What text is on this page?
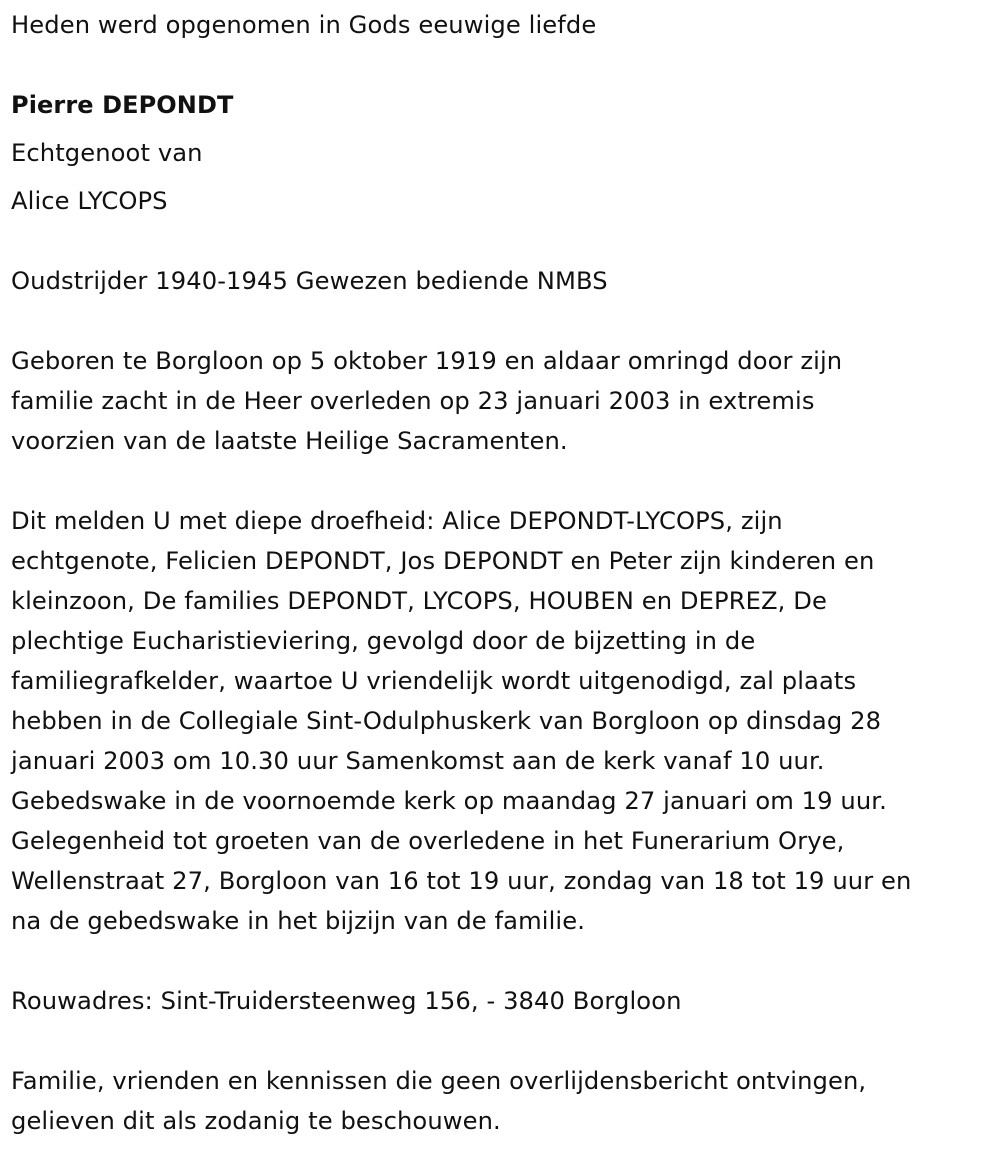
Heden werd opgenomen in Gods eeuwige liefde
Pierre DEPONDT
Echtgenoot van
Alice LYCOPS
Oudstrijder 1940-1945 Gewezen bediende NMBS
Geboren te Borgloon op 5 oktober 1919 en aldaar omringd door zijn
familie zacht in de Heer overleden op 23 januari 2003 in extremis
voorzien van de laatste Heilige Sacramenten.
Dit melden U met diepe droefheid: Alice DEPONDT-LYCOPS, zijn
echtgenote, Felicien DEPONDT, Jos DEPONDT en Peter zijn kinderen en
kleinzoon, De families DEPONDT, LYCOPS, HOUBEN en DEPREZ, De
plechtige Eucharistieviering, gevolgd door de bijzetting in de
familiegrafkelder, waartoe U vriendelijk wordt uitgenodigd, zal plaats
hebben in de Collegiale Sint-Odulphuskerk van Borgloon op dinsdag 28
januari 2003 om 10.30 uur Samenkomst aan de kerk vanaf 10 uur.
Gebedswake in de voornoemde kerk op maandag 27 januari om 19 uur.
Gelegenheid tot groeten van de overledene in het Funerarium Orye,
Wellenstraat 27, Borgloon van 16 tot 19 uur, zondag van 18 tot 19 uur en
na de gebedswake in het bijzijn van de familie.
Rouwadres: Sint-Truidersteenweg 156, - 3840 Borgloon
Familie, vrienden en kennissen die geen overlijdensbericht ontvingen,
gelieven dit als zodanig te beschouwen.
